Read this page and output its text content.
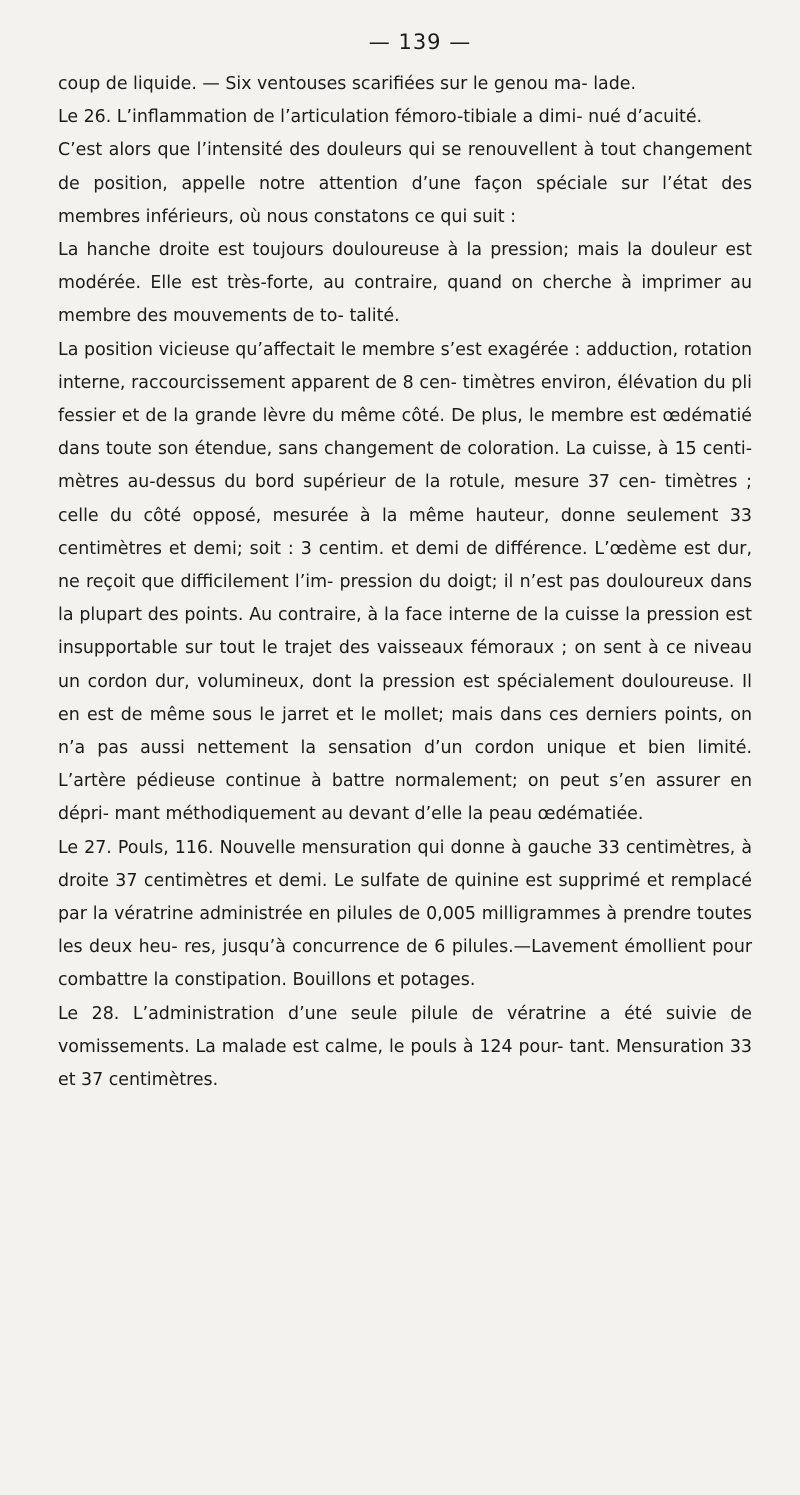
— 139 —

coup de liquide. — Six ventouses scarifiées sur le genou ma- lade.

Le 26. L’inflammation de l’articulation fémoro-tibiale a dimi- nué d’acuité.

C’est alors que l’intensité des douleurs qui se renouvellent à tout changement de position, appelle notre attention d’une façon spéciale sur l’état des membres inférieurs, où nous constatons ce qui suit :

La hanche droite est toujours douloureuse à la pression; mais la douleur est modérée. Elle est très-forte, au contraire, quand on cherche à imprimer au membre des mouvements de to- talité.

La position vicieuse qu’affectait le membre s’est exagérée : adduction, rotation interne, raccourcissement apparent de 8 cen- timètres environ, élévation du pli fessier et de la grande lèvre du même côté. De plus, le membre est œdématié dans toute son étendue, sans changement de coloration. La cuisse, à 15 centi- mètres au-dessus du bord supérieur de la rotule, mesure 37 cen- timètres ; celle du côté opposé, mesurée à la même hauteur, donne seulement 33 centimètres et demi; soit : 3 centim. et demi de différence. L’œdème est dur, ne reçoit que difficilement l’im- pression du doigt; il n’est pas douloureux dans la plupart des points. Au contraire, à la face interne de la cuisse la pression est insupportable sur tout le trajet des vaisseaux fémoraux ; on sent à ce niveau un cordon dur, volumineux, dont la pression est spécialement douloureuse. Il en est de même sous le jarret et le mollet; mais dans ces derniers points, on n’a pas aussi nettement la sensation d’un cordon unique et bien limité. L’artère pédieuse continue à battre normalement; on peut s’en assurer en dépri- mant méthodiquement au devant d’elle la peau œdématiée.

Le 27. Pouls, 116. Nouvelle mensuration qui donne à gauche 33 centimètres, à droite 37 centimètres et demi. Le sulfate de quinine est supprimé et remplacé par la vératrine administrée en pilules de 0,005 milligrammes à prendre toutes les deux heu- res, jusqu’à concurrence de 6 pilules.—Lavement émollient pour combattre la constipation. Bouillons et potages.

Le 28. L’administration d’une seule pilule de vératrine a été suivie de vomissements. La malade est calme, le pouls à 124 pour- tant. Mensuration 33 et 37 centimètres.
